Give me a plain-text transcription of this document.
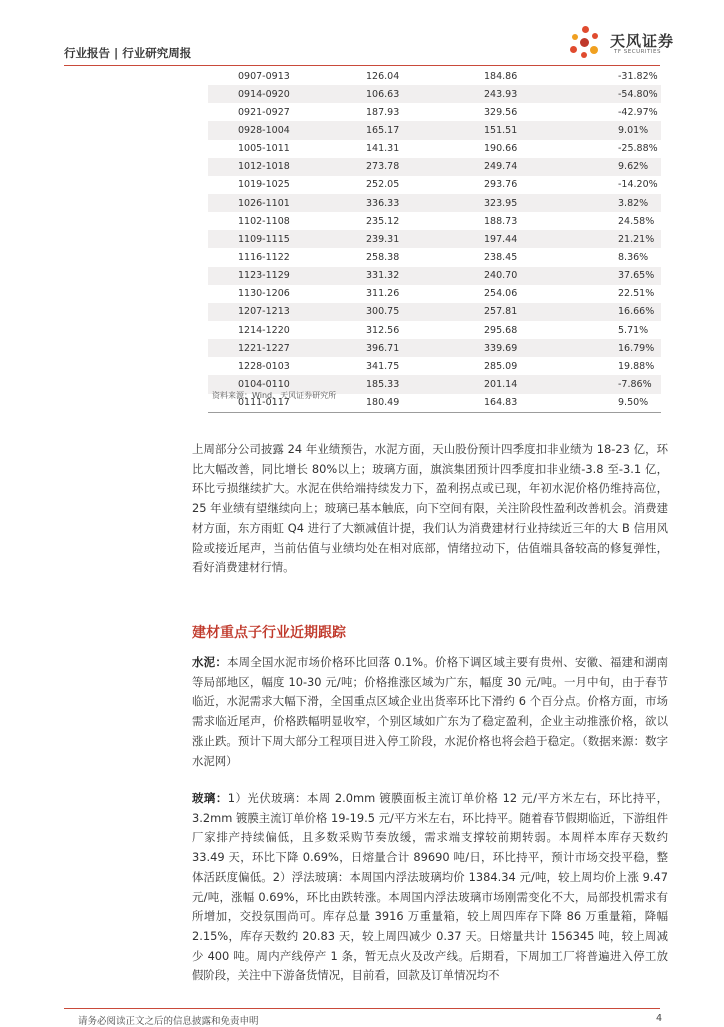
行业报告 | 行业研究周报
天风证券
TF SECURITIES
0907-0913	126.04	184.86	-31.82%
0914-0920	106.63	243.93	-54.80%
0921-0927	187.93	329.56	-42.97%
0928-1004	165.17	151.51	9.01%
1005-1011	141.31	190.66	-25.88%
1012-1018	273.78	249.74	9.62%
1019-1025	252.05	293.76	-14.20%
1026-1101	336.33	323.95	3.82%
1102-1108	235.12	188.73	24.58%
1109-1115	239.31	197.44	21.21%
1116-1122	258.38	238.45	8.36%
1123-1129	331.32	240.70	37.65%
1130-1206	311.26	254.06	22.51%
1207-1213	300.75	257.81	16.66%
1214-1220	312.56	295.68	5.71%
1221-1227	396.71	339.69	16.79%
1228-0103	341.75	285.09	19.88%
0104-0110	185.33	201.14	-7.86%
0111-0117	180.49	164.83	9.50%
资料来源：Wind、天风证券研究所
上周部分公司披露 24 年业绩预告，水泥方面，天山股份预计四季度扣非业绩为 18-23 亿，环比大幅改善，同比增长 80%以上；玻璃方面，旗滨集团预计四季度扣非业绩-3.8 至-3.1 亿，环比亏损继续扩大。水泥在供给端持续发力下，盈利拐点或已现，年初水泥价格仍维持高位，25 年业绩有望继续向上；玻璃已基本触底，向下空间有限，关注阶段性盈利改善机会。消费建材方面，东方雨虹 Q4 进行了大额减值计提，我们认为消费建材行业持续近三年的大 B 信用风险或接近尾声，当前估值与业绩均处在相对底部，情绪拉动下，估值端具备较高的修复弹性，看好消费建材行情。
建材重点子行业近期跟踪
水泥：本周全国水泥市场价格环比回落 0.1%。价格下调区域主要有贵州、安徽、福建和湖南等局部地区，幅度 10-30 元/吨；价格推涨区域为广东，幅度 30 元/吨。一月中旬，由于春节临近，水泥需求大幅下滑，全国重点区域企业出货率环比下滑约 6 个百分点。价格方面，市场需求临近尾声，价格跌幅明显收窄，个别区域如广东为了稳定盈利，企业主动推涨价格，欲以涨止跌。预计下周大部分工程项目进入停工阶段，水泥价格也将会趋于稳定。（数据来源：数字水泥网）
玻璃：1）光伏玻璃：本周 2.0mm 镀膜面板主流订单价格 12 元/平方米左右，环比持平，3.2mm 镀膜主流订单价格 19-19.5 元/平方米左右，环比持平。随着春节假期临近，下游组件厂家排产持续偏低，且多数采购节奏放缓，需求端支撑较前期转弱。本周样本库存天数约 33.49 天，环比下降 0.69%，日熔量合计 89690 吨/日，环比持平，预计市场交投平稳，整体活跃度偏低。2）浮法玻璃：本周国内浮法玻璃均价 1384.34 元/吨，较上周均价上涨 9.47 元/吨，涨幅 0.69%，环比由跌转涨。本周国内浮法玻璃市场刚需变化不大，局部投机需求有所增加，交投氛围尚可。库存总量 3916 万重量箱，较上周四库存下降 86 万重量箱，降幅 2.15%，库存天数约 20.83 天，较上周四减少 0.37 天。日熔量共计 156345 吨，较上周减少 400 吨。周内产线停产 1 条，暂无点火及改产线。后期看，下周加工厂将普遍进入停工放假阶段，关注中下游备货情况，目前看，回款及订单情况均不
请务必阅读正文之后的信息披露和免责申明	4
